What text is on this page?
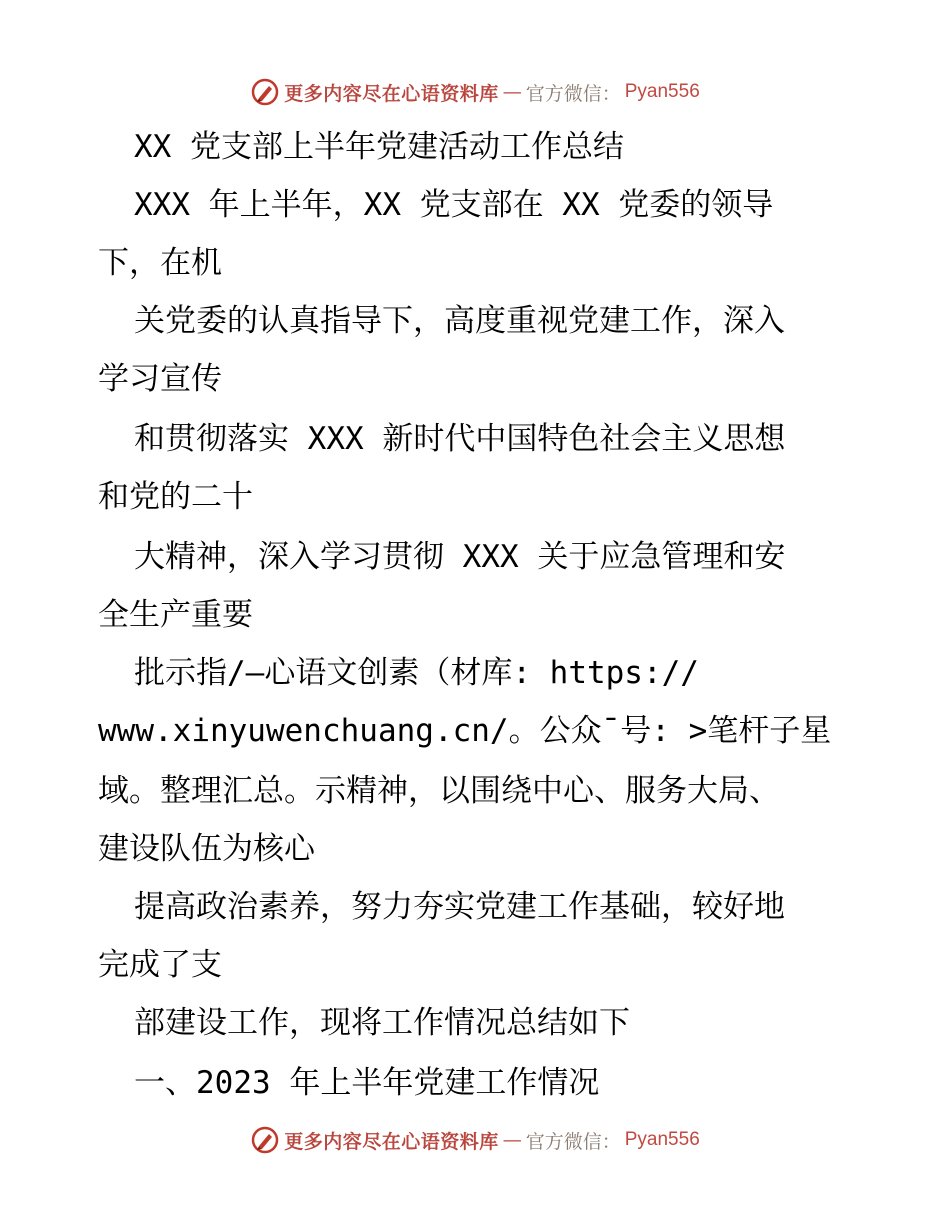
更多内容尽在心语资料库 — 官方微信： Pyan556
XX 党支部上半年党建活动工作总结
XXX 年上半年，XX 党支部在 XX 党委的领导
下，在机
关党委的认真指导下，高度重视党建工作，深入
学习宣传
和贯彻落实 XXX 新时代中国特色社会主义思想
和党的二十
大精神，深入学习贯彻 XXX 关于应急管理和安
全生产重要
批示指/—心语文创素（材库: https://
www.xinyuwenchuang.cn/。公众¯号: >笔杆子星
域。整理汇总。示精神，以围绕中心、服务大局、
建设队伍为核心
提高政治素养，努力夯实党建工作基础，较好地
完成了支
部建设工作，现将工作情况总结如下
一、2023 年上半年党建工作情况
更多内容尽在心语资料库 — 官方微信： Pyan556
